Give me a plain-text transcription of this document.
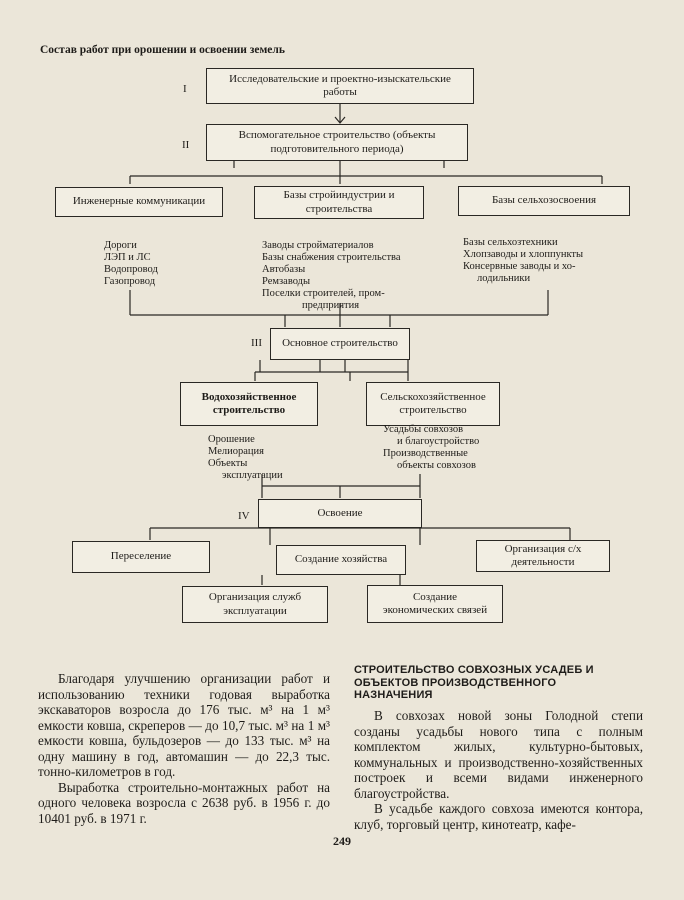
Состав работ при орошении и освоении земель
I
II
III
IV
Исследовательские и проектно-изыскательские работы
Вспомогательное строительство (объекты подготовительного периода)
Инженерные коммуникации
Базы стройиндустрии и строительства
Базы сельхозосвоения
Дороги
ЛЭП и ЛС
Водопровод
Газопровод
Заводы стройматериалов
Базы снабжения строительства
Автобазы
Ремзаводы
Поселки строителей, пром-
предприятия
Базы сельхозтехники
Хлопзаводы и хлоппункты
Консервные заводы и хо-
лодильники
Основное строительство
Водохозяйственное строительство
Сельскохозяйственное строительство
Орошение
Мелиорация
Объекты
эксплуатации
Усадьбы совхозов
и благоустройство
Производственные
объекты совхозов
Освоение
Переселение	Создание хозяйства
Организация с/х деятельности
Организация служб эксплуатации
Создание экономических связей

Благодаря улучшению организации работ и использованию техники годовая выработка экскаваторов возросла до 176 тыс. м³ на 1 м³ емкости ковша, скреперов — до 10,7 тыс. м³ на 1 м³ емкости ковша, бульдозеров — до 133 тыс. м³ на одну машину в год, автомашин — до 22,3 тыс. тонно-километров в год.

Выработка строительно-монтажных работ на одного человека возросла с 2638 руб. в 1956 г. до 10401 руб. в 1971 г.

СТРОИТЕЛЬСТВО СОВХОЗНЫХ УСАДЕБ И ОБЪЕКТОВ ПРОИЗВОДСТВЕННОГО НАЗНАЧЕНИЯ

В совхозах новой зоны Голодной степи созданы усадьбы нового типа с полным комплектом жилых, культурно-бытовых, коммунальных и производственно-хозяйственных построек и всеми видами инженерного благоустройства.

В усадьбе каждого совхоза имеются контора, клуб, торговый центр, кинотеатр, кафе-

249
